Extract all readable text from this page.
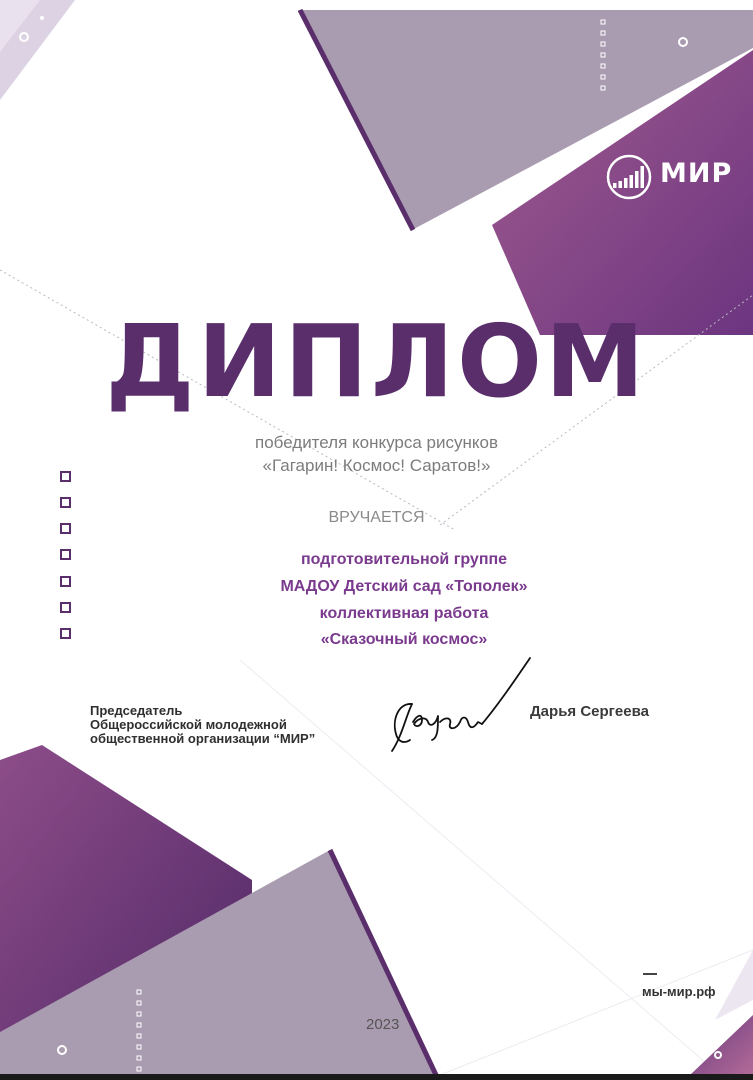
МИР
ДИПЛОМ
победителя конкурса рисунков
«Гагарин! Космос! Саратов!»
ВРУЧАЕТСЯ
подготовительной группе
МАДОУ Детский сад «Тополек»
коллективная работа
«Сказочный космос»
Председатель
Общероссийской молодежной
общественной организации “МИР”
Дарья Сергеева
мы-мир.рф
2023
